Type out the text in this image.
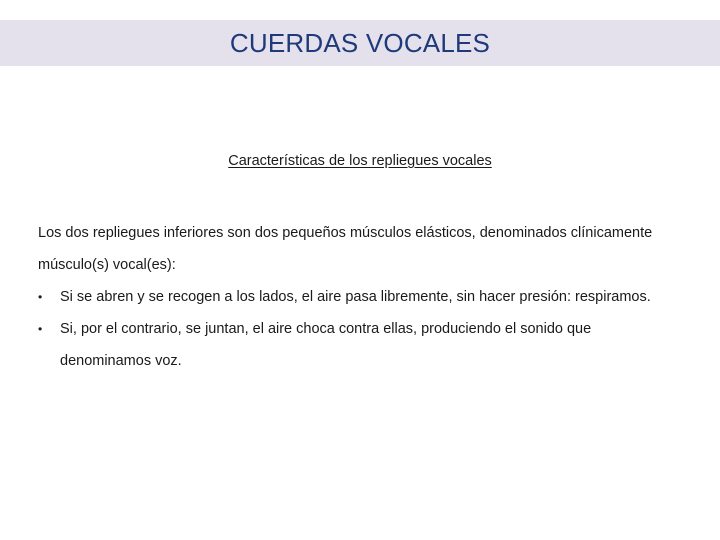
CUERDAS VOCALES
Características de los repliegues vocales

Los dos repliegues inferiores son dos pequeños músculos elásticos, denominados clínicamente músculo(s) vocal(es):

•	Si se abren y se recogen a los lados, el aire pasa libremente, sin hacer presión: respiramos.
•	Si, por el contrario, se juntan, el aire choca contra ellas, produciendo el sonido que denominamos voz.
